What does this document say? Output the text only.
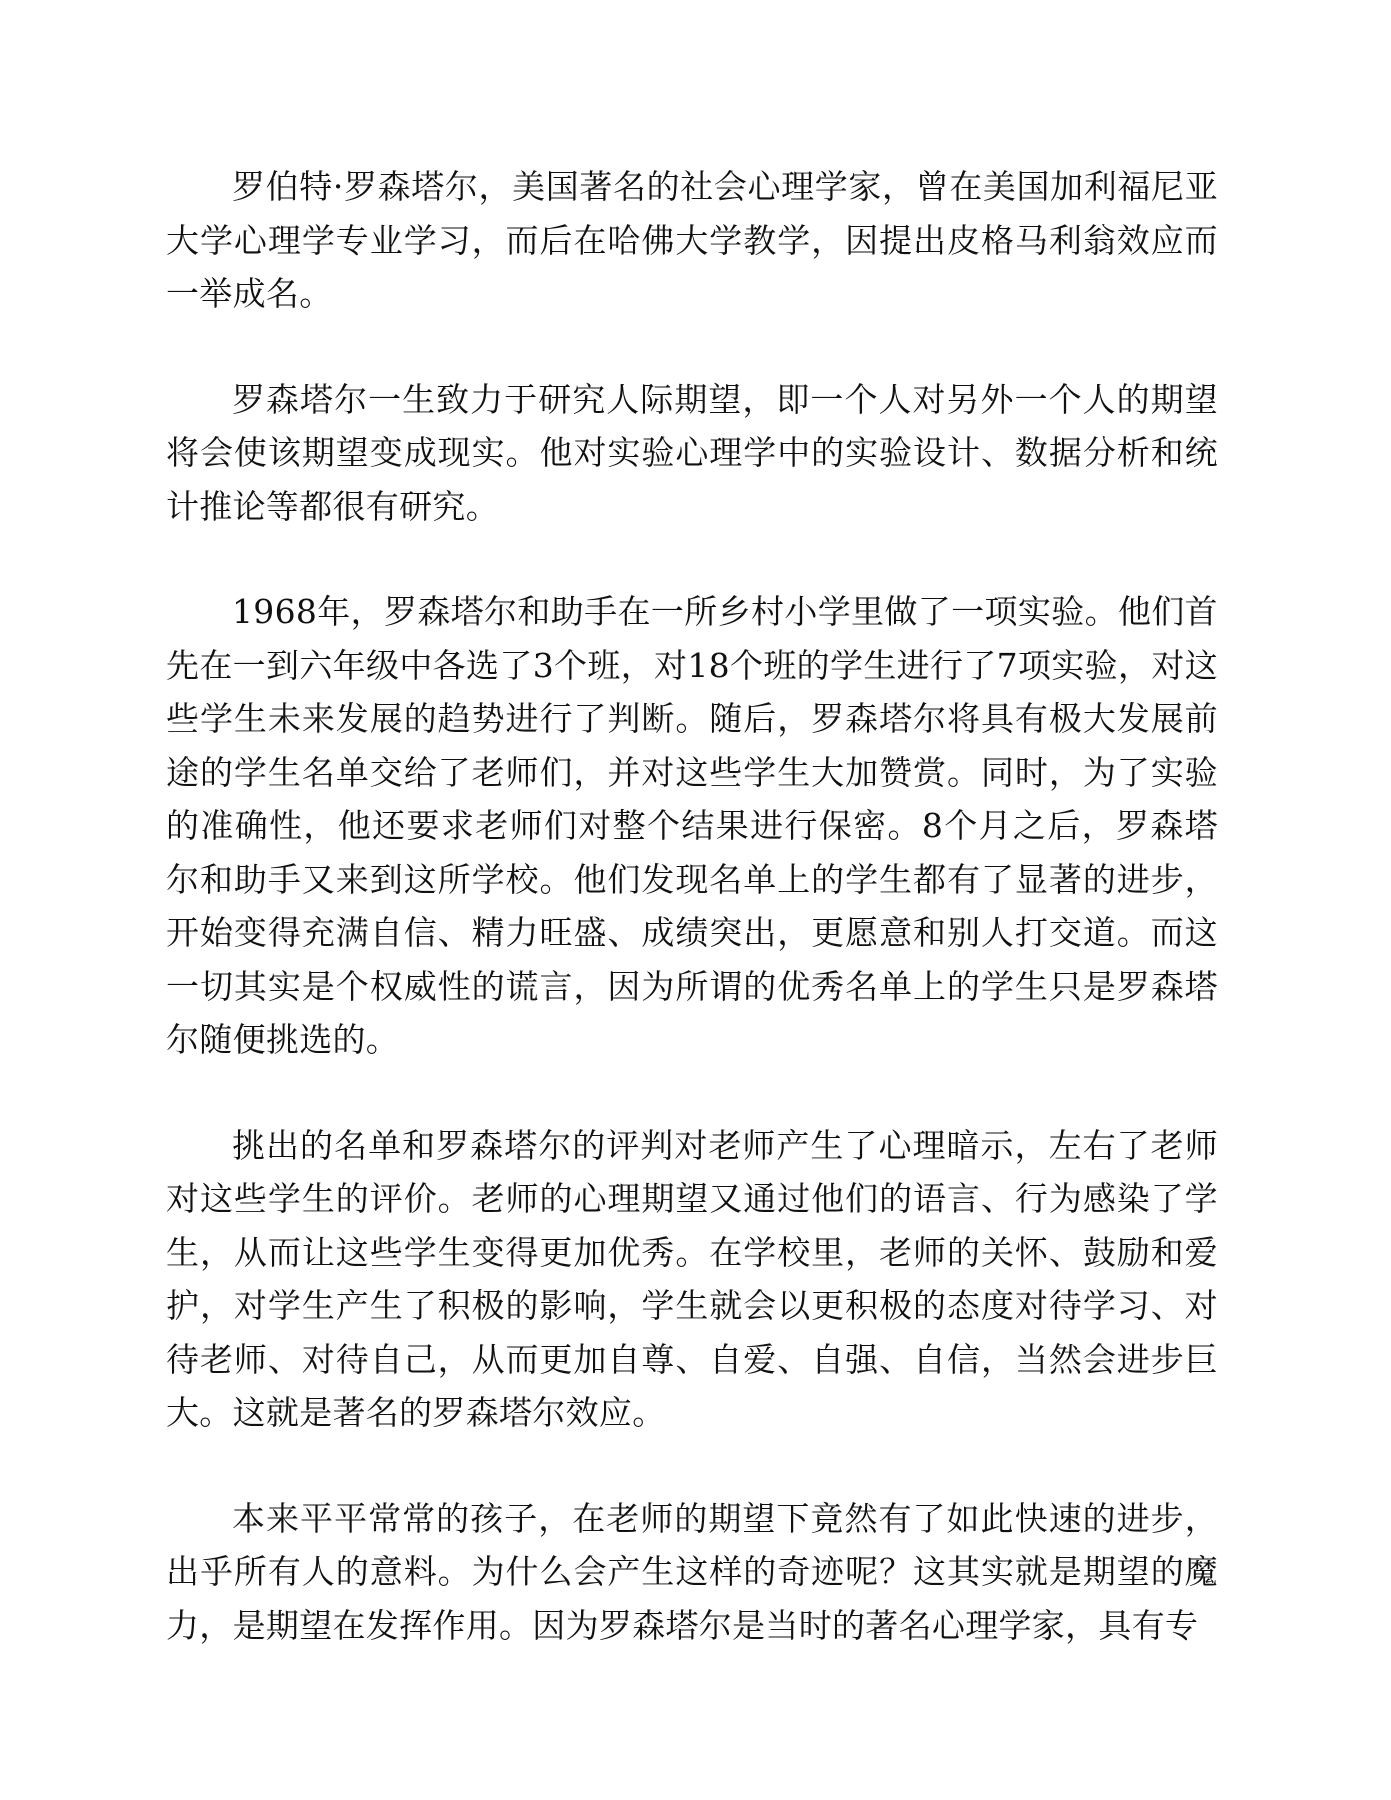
罗伯特·罗森塔尔，美国著名的社会心理学家，曾在美国加利福尼亚大学心理学专业学习，而后在哈佛大学教学，因提出皮格马利翁效应而一举成名。

罗森塔尔一生致力于研究人际期望，即一个人对另外一个人的期望将会使该期望变成现实。他对实验心理学中的实验设计、数据分析和统计推论等都很有研究。

1968年，罗森塔尔和助手在一所乡村小学里做了一项实验。他们首先在一到六年级中各选了3个班，对18个班的学生进行了7项实验，对这些学生未来发展的趋势进行了判断。随后，罗森塔尔将具有极大发展前途的学生名单交给了老师们，并对这些学生大加赞赏。同时，为了实验的准确性，他还要求老师们对整个结果进行保密。8个月之后，罗森塔尔和助手又来到这所学校。他们发现名单上的学生都有了显著的进步，开始变得充满自信、精力旺盛、成绩突出，更愿意和别人打交道。而这一切其实是个权威性的谎言，因为所谓的优秀名单上的学生只是罗森塔尔随便挑选的。

挑出的名单和罗森塔尔的评判对老师产生了心理暗示，左右了老师对这些学生的评价。老师的心理期望又通过他们的语言、行为感染了学生，从而让这些学生变得更加优秀。在学校里，老师的关怀、鼓励和爱护，对学生产生了积极的影响，学生就会以更积极的态度对待学习、对待老师、对待自己，从而更加自尊、自爱、自强、自信，当然会进步巨大。这就是著名的罗森塔尔效应。

本来平平常常的孩子，在老师的期望下竟然有了如此快速的进步，出乎所有人的意料。为什么会产生这样的奇迹呢？这其实就是期望的魔力，是期望在发挥作用。因为罗森塔尔是当时的著名心理学家，具有专
